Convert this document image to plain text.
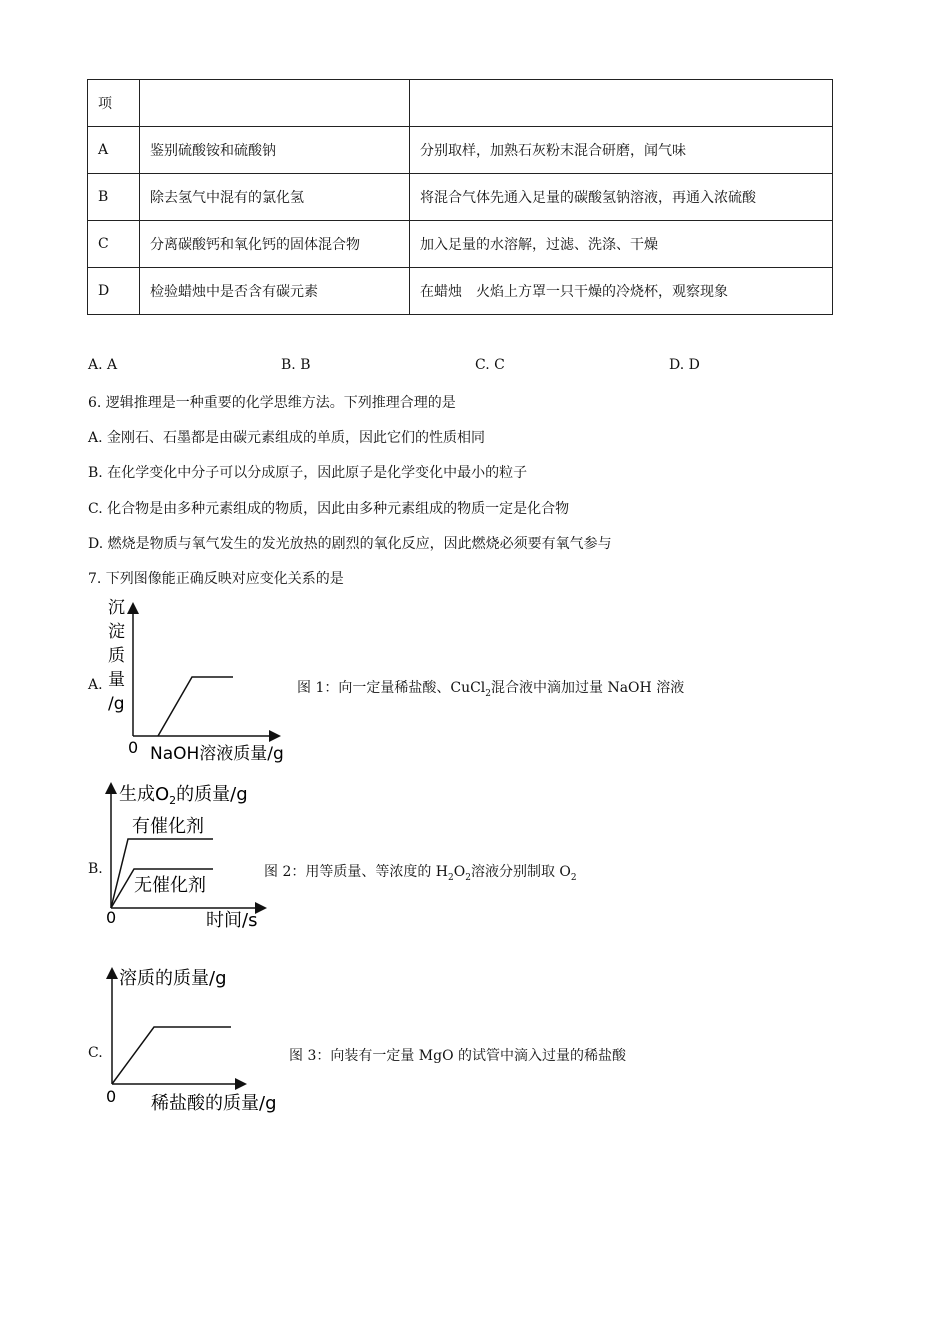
项		
A	鉴别硫酸铵和硫酸钠	分别取样，加熟石灰粉末混合研磨，闻气味
B	除去氢气中混有的氯化氢	将混合气体先通入足量的碳酸氢钠溶液，再通入浓硫酸
C	分离碳酸钙和氧化钙的固体混合物	加入足量的水溶解，过滤、洗涤、干燥
D	检验蜡烛中是否含有碳元素	在蜡烛　火焰上方罩一只干燥的冷烧杯，观察现象
A. A	B. B	C. C	D. D
6. 逻辑推理是一种重要的化学思维方法。下列推理合理的是
A. 金刚石、石墨都是由碳元素组成的单质，因此它们的性质相同
B. 在化学变化中分子可以分成原子，因此原子是化学变化中最小的粒子
C. 化合物是由多种元素组成的物质，因此由多种元素组成的物质一定是化合物
D. 燃烧是物质与氧气发生的发光放热的剧烈的氧化反应，因此燃烧必须要有氧气参与
7. 下列图像能正确反映对应变化关系的是
A.
沉
淀
质
量
/g
0 NaOH溶液质量/g
图 1：向一定量稀盐酸、CuCl$_2$混合液中滴加过量 NaOH 溶液
B.
生成$O_2$的质量/g
有催化剂
无催化剂
0	时间/s
图 2：用等质量、等浓度的 $H_2O_2$溶液分别制取 $O_2$
C.
溶质的质量/g
0 稀盐酸的质量/g
图 3：向装有一定量 MgO 的试管中滴入过量的稀盐酸
